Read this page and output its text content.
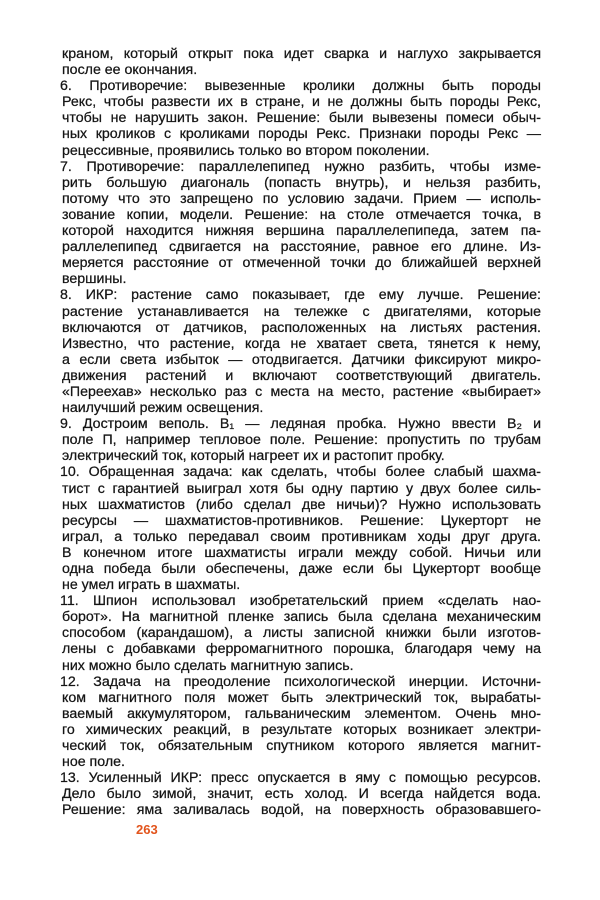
краном, который открыт пока идет сварка и наглухо закрывается
после ее окончания.
6. Противоречие: вывезенные кролики должны быть породы
Рекс, чтобы развести их в стране, и не должны быть породы Рекс,
чтобы не нарушить закон. Решение: были вывезены помеси обыч-
ных кроликов с кроликами породы Рекс. Признаки породы Рекс —
рецессивные, проявились только во втором поколении.
7. Противоречие: параллелепипед нужно разбить, чтобы изме-
рить большую диагональ (попасть внутрь), и нельзя разбить,
потому что это запрещено по условию задачи. Прием — исполь-
зование копии, модели. Решение: на столе отмечается точка, в
которой находится нижняя вершина параллелепипеда, затем па-
раллелепипед сдвигается на расстояние, равное его длине. Из-
меряется расстояние от отмеченной точки до ближайшей верхней
вершины.
8. ИКР: растение само показывает, где ему лучше. Решение:
растение устанавливается на тележке с двигателями, которые
включаются от датчиков, расположенных на листьях растения.
Известно, что растение, когда не хватает света, тянется к нему,
а если света избыток — отодвигается. Датчики фиксируют микро-
движения растений и включают соответствующий двигатель.
«Переехав» несколько раз с места на место, растение «выбирает»
наилучший режим освещения.
9. Достроим веполь. B₁ — ледяная пробка. Нужно ввести B₂ и
поле П, например тепловое поле. Решение: пропустить по трубам
электрический ток, который нагреет их и растопит пробку.
10. Обращенная задача: как сделать, чтобы более слабый шахма-
тист с гарантией выиграл хотя бы одну партию у двух более силь-
ных шахматистов (либо сделал две ничьи)? Нужно использовать
ресурсы — шахматистов-противников. Решение: Цукерторт не
играл, а только передавал своим противникам ходы друг друга.
В конечном итоге шахматисты играли между собой. Ничьи или
одна победа были обеспечены, даже если бы Цукерторт вообще
не умел играть в шахматы.
11. Шпион использовал изобретательский прием «сделать нао-
борот». На магнитной пленке запись была сделана механическим
способом (карандашом), а листы записной книжки были изготов-
лены с добавками ферромагнитного порошка, благодаря чему на
них можно было сделать магнитную запись.
12. Задача на преодоление психологической инерции. Источни-
ком магнитного поля может быть электрический ток, вырабаты-
ваемый аккумулятором, гальваническим элементом. Очень мно-
го химических реакций, в результате которых возникает электри-
ческий ток, обязательным спутником которого является магнит-
ное поле.
13. Усиленный ИКР: пресс опускается в яму с помощью ресурсов.
Дело было зимой, значит, есть холод. И всегда найдется вода.
Решение: яма заливалась водой, на поверхность образовавшего-
263
